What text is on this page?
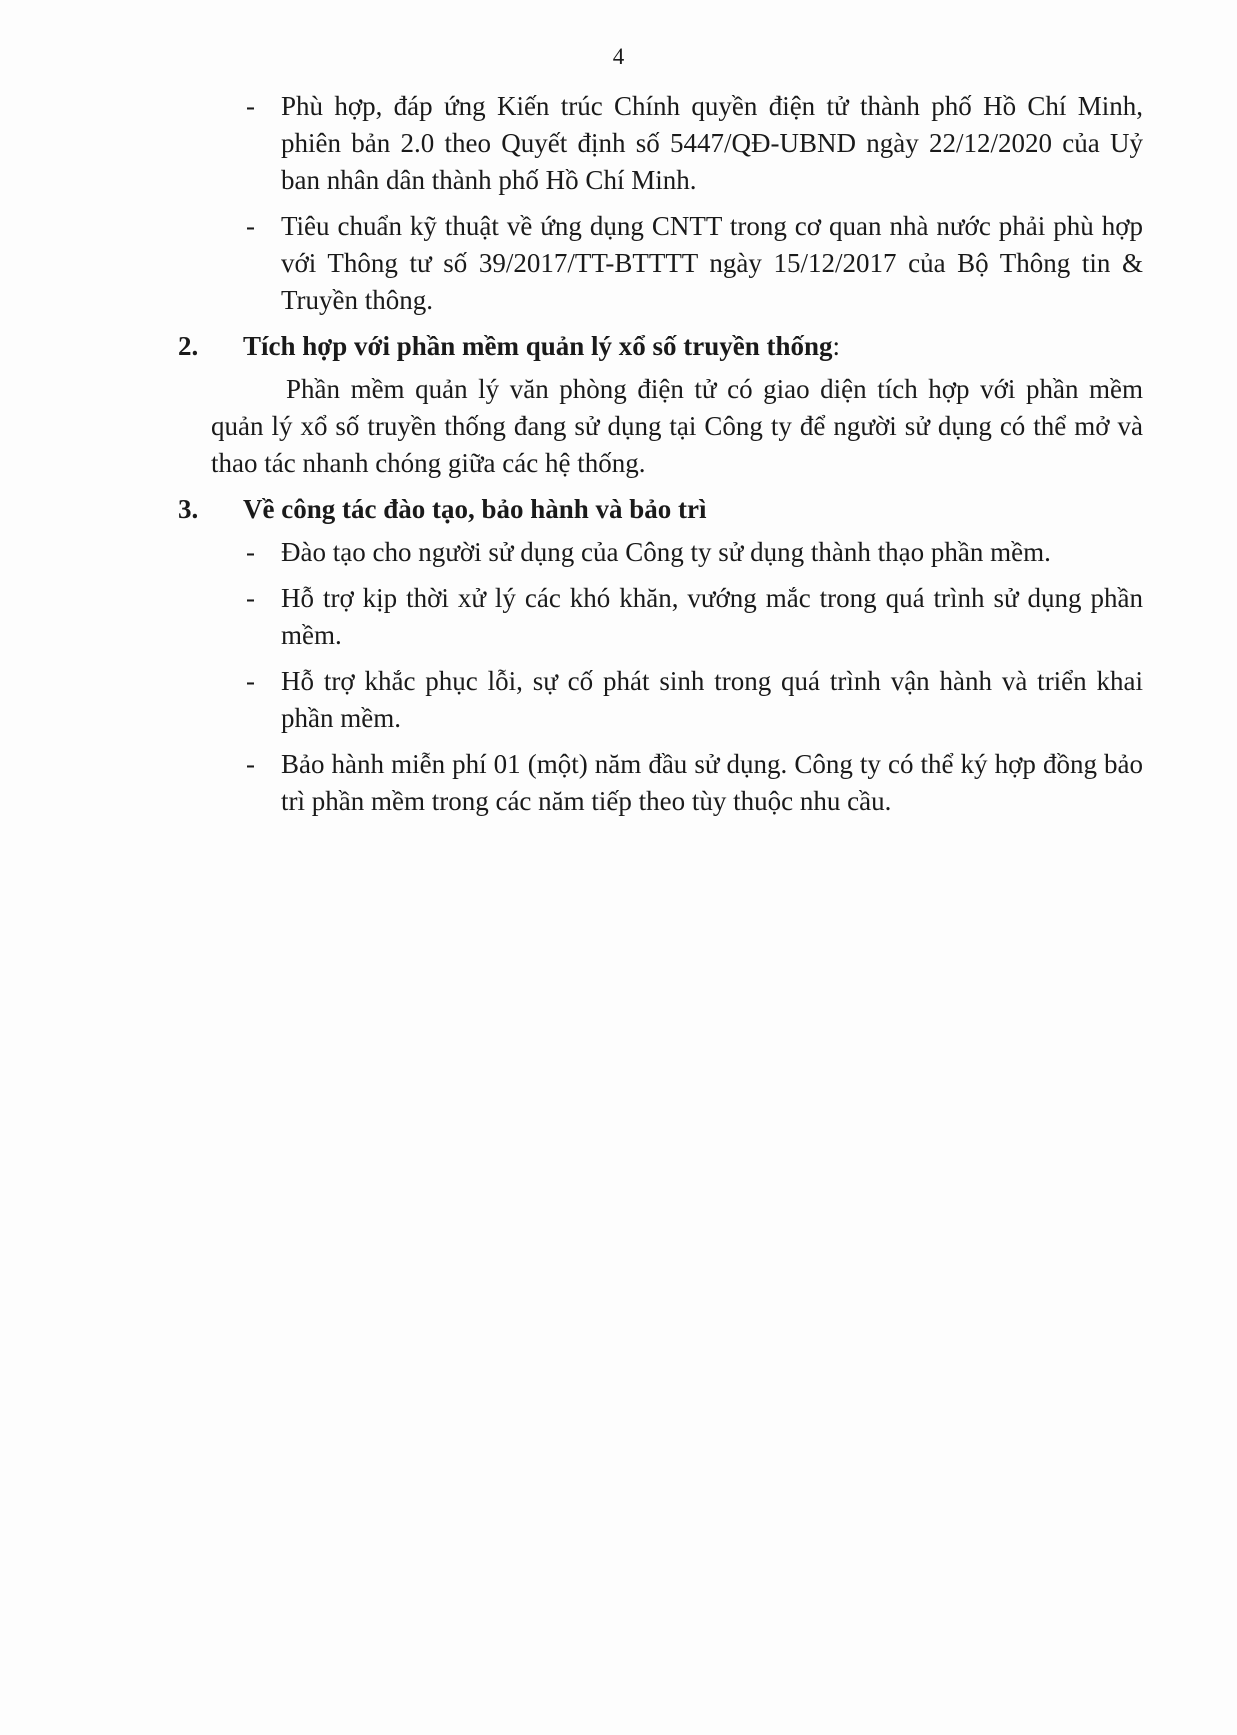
4
- Phù hợp, đáp ứng Kiến trúc Chính quyền điện tử thành phố Hồ Chí Minh, phiên bản 2.0 theo Quyết định số 5447/QĐ-UBND ngày 22/12/2020 của Uỷ ban nhân dân thành phố Hồ Chí Minh.
- Tiêu chuẩn kỹ thuật về ứng dụng CNTT trong cơ quan nhà nước phải phù hợp với Thông tư số 39/2017/TT-BTTTT ngày 15/12/2017 của Bộ Thông tin & Truyền thông.
2. Tích hợp với phần mềm quản lý xổ số truyền thống:
Phần mềm quản lý văn phòng điện tử có giao diện tích hợp với phần mềm quản lý xổ số truyền thống đang sử dụng tại Công ty để người sử dụng có thể mở và thao tác nhanh chóng giữa các hệ thống.
3. Về công tác đào tạo, bảo hành và bảo trì
- Đào tạo cho người sử dụng của Công ty sử dụng thành thạo phần mềm.
- Hỗ trợ kịp thời xử lý các khó khăn, vướng mắc trong quá trình sử dụng phần mềm.
- Hỗ trợ khắc phục lỗi, sự cố phát sinh trong quá trình vận hành và triển khai phần mềm.
- Bảo hành miễn phí 01 (một) năm đầu sử dụng. Công ty có thể ký hợp đồng bảo trì phần mềm trong các năm tiếp theo tùy thuộc nhu cầu.
